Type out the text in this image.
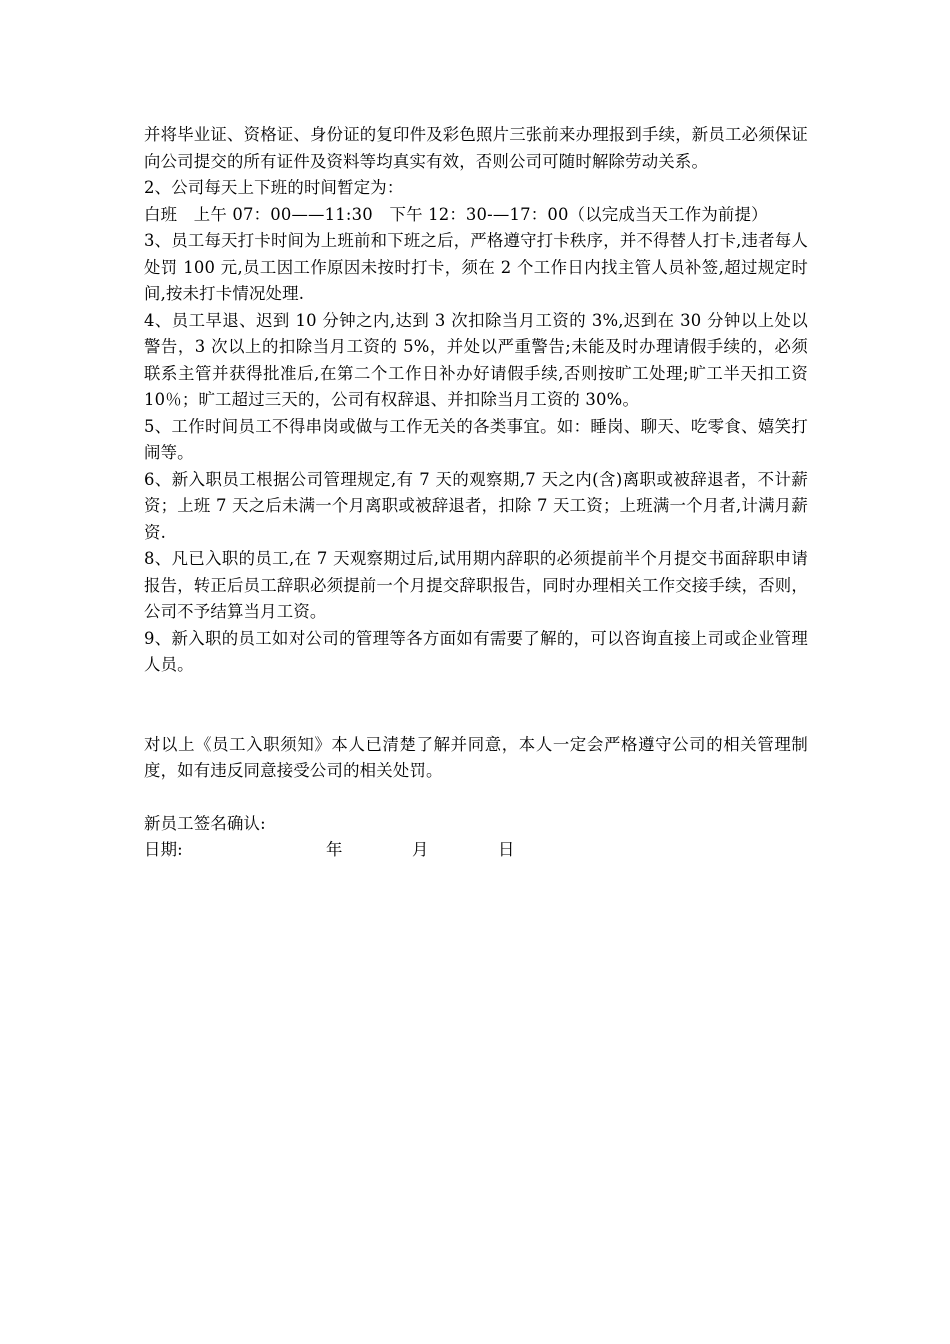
并将毕业证、资格证、身份证的复印件及彩色照片三张前来办理报到手续，新员工必须保证向公司提交的所有证件及资料等均真实有效，否则公司可随时解除劳动关系。

2、公司每天上下班的时间暂定为：

白班　上午 07：00——11:30　下午 12：30-—17：00（以完成当天工作为前提）

3、员工每天打卡时间为上班前和下班之后，严格遵守打卡秩序，并不得替人打卡,违者每人处罚 100 元,员工因工作原因未按时打卡，须在 2 个工作日内找主管人员补签,超过规定时间,按未打卡情况处理.

4、员工早退、迟到 10 分钟之内,达到 3 次扣除当月工资的 3%,迟到在 30 分钟以上处以警告，3 次以上的扣除当月工资的 5%，并处以严重警告;未能及时办理请假手续的，必须联系主管并获得批准后,在第二个工作日补办好请假手续,否则按旷工处理;旷工半天扣工资 10％；旷工超过三天的，公司有权辞退、并扣除当月工资的 30%。

5、工作时间员工不得串岗或做与工作无关的各类事宜。如：睡岗、聊天、吃零食、嬉笑打闹等。

6、新入职员工根据公司管理规定,有 7 天的观察期,7 天之内(含)离职或被辞退者，不计薪资；上班 7 天之后未满一个月离职或被辞退者，扣除 7 天工资；上班满一个月者,计满月薪资.

8、凡已入职的员工,在 7 天观察期过后,试用期内辞职的必须提前半个月提交书面辞职申请报告，转正后员工辞职必须提前一个月提交辞职报告，同时办理相关工作交接手续，否则，公司不予结算当月工资。

9、新入职的员工如对公司的管理等各方面如有需要了解的，可以咨询直接上司或企业管理人员。

对以上《员工入职须知》本人已清楚了解并同意，本人一定会严格遵守公司的相关管理制度，如有违反同意接受公司的相关处罚。

新员工签名确认:

日期:	年	月	日
